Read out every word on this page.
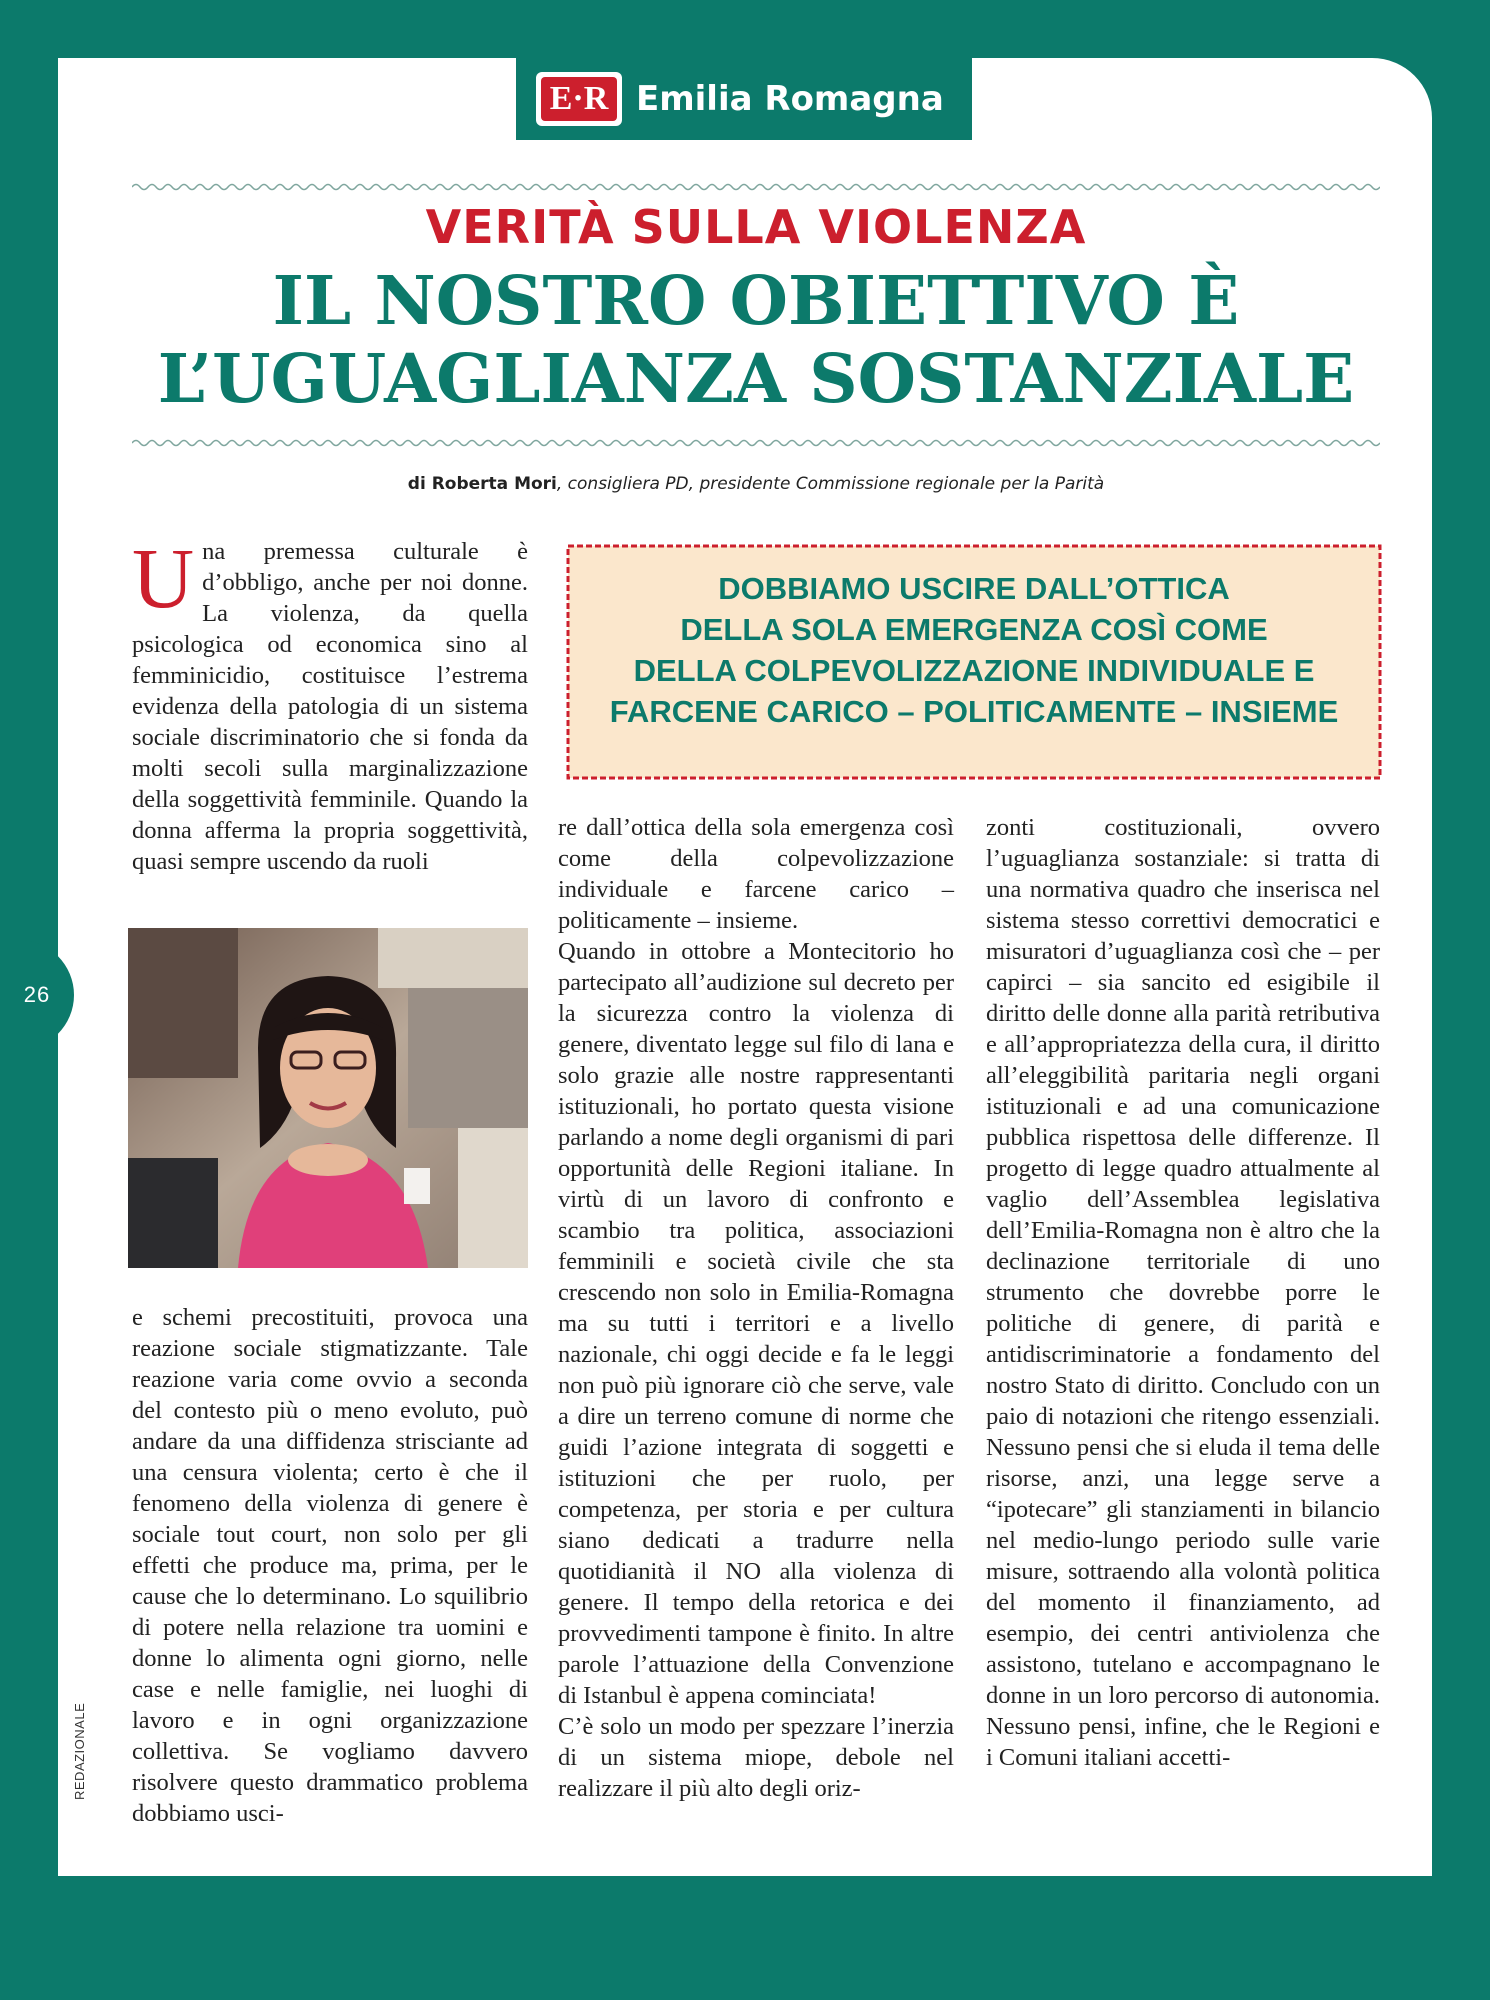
26
REDAZIONALE
E·R Emilia Romagna
VERITÀ SULLA VIOLENZA
IL NOSTRO OBIETTIVO È
L’UGUAGLIANZA SOSTANZIALE
di Roberta Mori, consigliera PD, presidente Commissione regionale per la Parità
U na premessa culturale è d’obbligo, anche per noi donne. La violenza, da quella psicologica od economica sino al femminicidio, costituisce l’estrema evidenza della patologia di un sistema sociale discriminatorio che si fonda da molti secoli sulla marginalizzazione della soggettività femminile. Quando la donna afferma la propria soggettività, quasi sempre uscendo da ruoli

e schemi precostituiti, provoca una reazione sociale stigmatizzante. Tale reazione varia come ovvio a seconda del contesto più o meno evoluto, può andare da una diffidenza strisciante ad una censura violenta; certo è che il fenomeno della violenza di genere è sociale tout court, non solo per gli effetti che produce ma, prima, per le cause che lo determinano. Lo squilibrio di potere nella relazione tra uomini e donne lo alimenta ogni giorno, nelle case e nelle famiglie, nei luoghi di lavoro e in ogni organizzazione collettiva. Se vogliamo davvero risolvere questo drammatico problema dobbiamo usci-

DOBBIAMO USCIRE DALL’OTTICA
DELLA SOLA EMERGENZA COSÌ COME
DELLA COLPEVOLIZZAZIONE INDIVIDUALE E
FARCENE CARICO – POLITICAMENTE – INSIEME

re dall’ottica della sola emergenza così come della colpevolizzazione individuale e farcene carico – politicamente – insieme.

Quando in ottobre a Montecitorio ho partecipato all’audizione sul decreto per la sicurezza contro la violenza di genere, diventato legge sul filo di lana e solo grazie alle nostre rappresentanti istituzionali, ho portato questa visione parlando a nome degli organismi di pari opportunità delle Regioni italiane. In virtù di un lavoro di confronto e scambio tra politica, associazioni femminili e società civile che sta crescendo non solo in Emilia-Romagna ma su tutti i territori e a livello nazionale, chi oggi decide e fa le leggi non può più ignorare ciò che serve, vale a dire un terreno comune di norme che guidi l’azione integrata di soggetti e istituzioni che per ruolo, per competenza, per storia e per cultura siano dedicati a tradurre nella quotidianità il NO alla violenza di genere. Il tempo della retorica e dei provvedimenti tampone è finito. In altre parole l’attuazione della Convenzione di Istanbul è appena cominciata!

C’è solo un modo per spezzare l’inerzia di un sistema miope, debole nel realizzare il più alto degli oriz-

zonti costituzionali, ovvero l’uguaglianza sostanziale: si tratta di una normativa quadro che inserisca nel sistema stesso correttivi democratici e misuratori d’uguaglianza così che – per capirci – sia sancito ed esigibile il diritto delle donne alla parità retributiva e all’appropriatezza della cura, il diritto all’eleggibilità paritaria negli organi istituzionali e ad una comunicazione pubblica rispettosa delle differenze. Il progetto di legge quadro attualmente al vaglio dell’Assemblea legislativa dell’Emilia-Romagna non è altro che la declinazione territoriale di uno strumento che dovrebbe porre le politiche di genere, di parità e antidiscriminatorie a fondamento del nostro Stato di diritto. Concludo con un paio di notazioni che ritengo essenziali. Nessuno pensi che si eluda il tema delle risorse, anzi, una legge serve a “ipotecare” gli stanziamenti in bilancio nel medio-lungo periodo sulle varie misure, sottraendo alla volontà politica del momento il finanziamento, ad esempio, dei centri antiviolenza che assistono, tutelano e accompagnano le donne in un loro percorso di autonomia. Nessuno pensi, infine, che le Regioni e i Comuni italiani accetti-
